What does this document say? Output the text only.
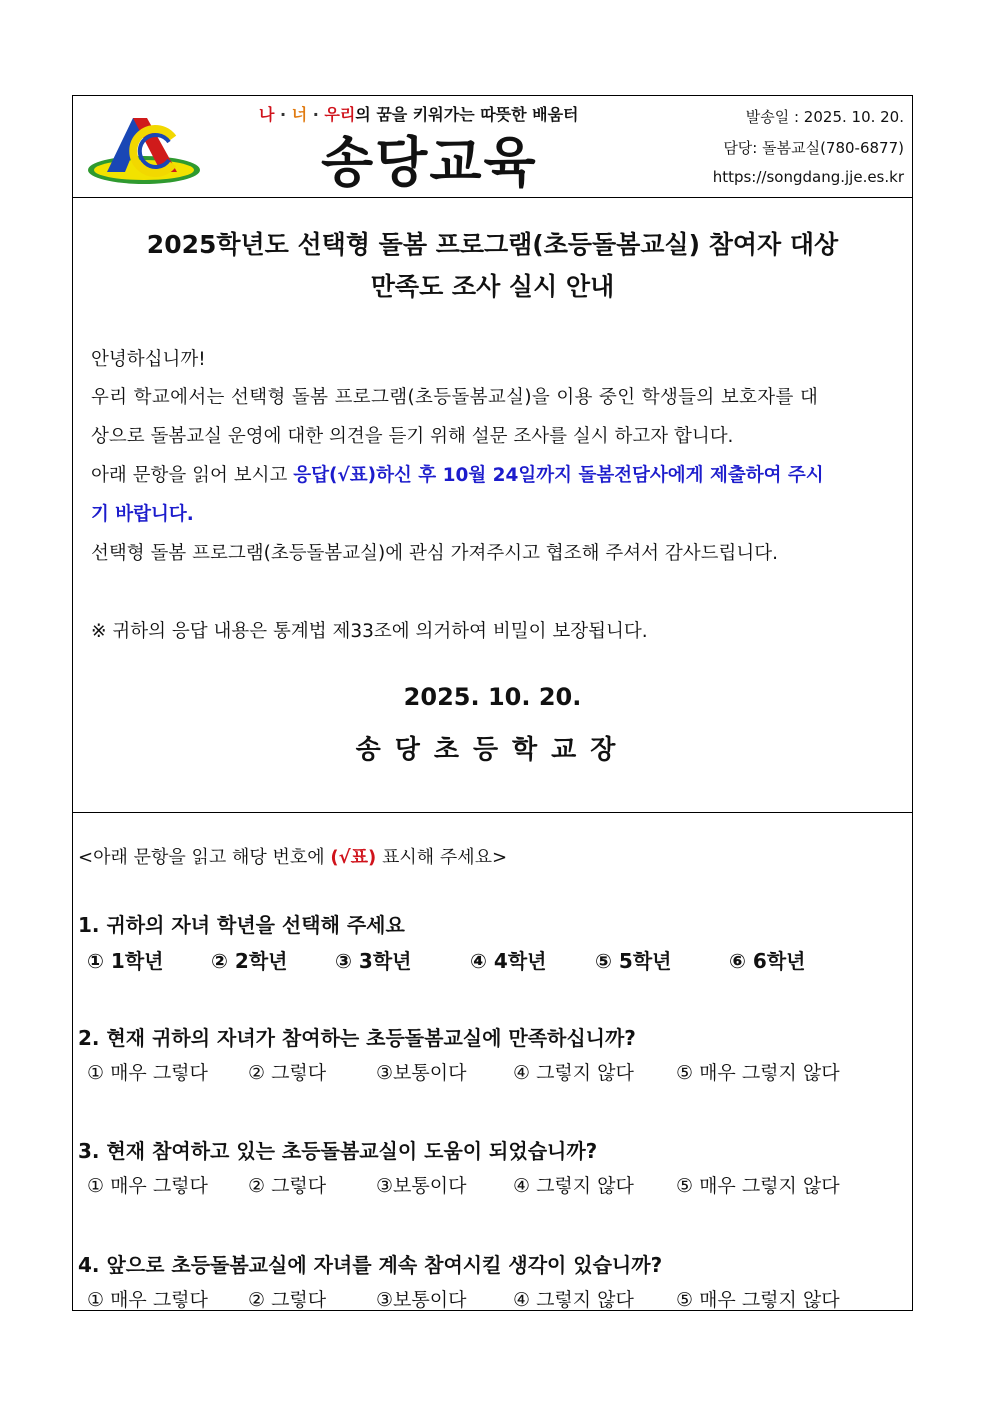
나 · 너 · 우리의 꿈을 키워가는 따뜻한 배움터
송당교육
발송일 : 2025. 10. 20.
담당: 돌봄교실(780-6877)
https://songdang.jje.es.kr
2025학년도 선택형 돌봄 프로그램(초등돌봄교실) 참여자 대상
만족도 조사 실시 안내
안녕하십니까!
우리 학교에서는 선택형 돌봄 프로그램(초등돌봄교실)을 이용 중인 학생들의 보호자를 대
상으로 돌봄교실 운영에 대한 의견을 듣기 위해 설문 조사를 실시 하고자 합니다.
아래 문항을 읽어 보시고 응답(√표)하신 후 10월 24일까지 돌봄전담사에게 제출하여 주시
기 바랍니다.
선택형 돌봄 프로그램(초등돌봄교실)에 관심 가져주시고 협조해 주셔서 감사드립니다.
※ 귀하의 응답 내용은 통계법 제33조에 의거하여 비밀이 보장됩니다.
2025. 10. 20.
송당초등학교장
<아래 문항을 읽고 해당 번호에 (√표) 표시해 주세요>
1. 귀하의 자녀 학년을 선택해 주세요
① 1학년 ② 2학년 ③ 3학년	④ 4학년 ⑤ 5학년	⑥ 6학년
2. 현재 귀하의 자녀가 참여하는 초등돌봄교실에 만족하십니까?
① 매우 그렇다 ② 그렇다	③보통이다 ④ 그렇지 않다 ⑤ 매우 그렇지 않다
3. 현재 참여하고 있는 초등돌봄교실이 도움이 되었습니까?
① 매우 그렇다 ② 그렇다	③보통이다 ④ 그렇지 않다 ⑤ 매우 그렇지 않다
4. 앞으로 초등돌봄교실에 자녀를 계속 참여시킬 생각이 있습니까?
① 매우 그렇다 ② 그렇다	③보통이다 ④ 그렇지 않다 ⑤ 매우 그렇지 않다
